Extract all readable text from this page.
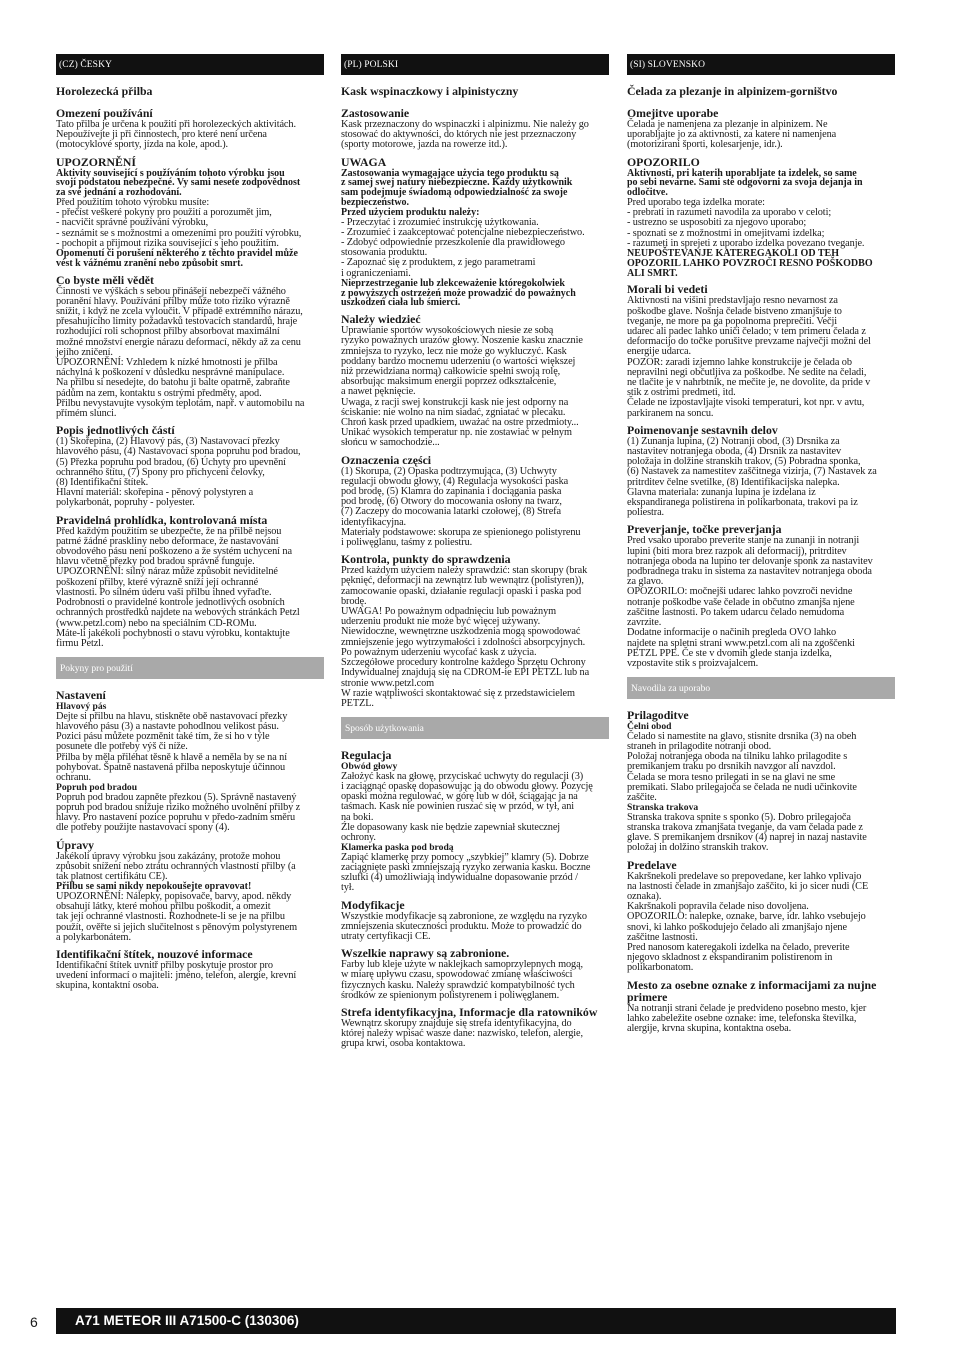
(CZ) ČESKY
Horolezecká přilba
Omezení používání
Tato přilba je určena k použití při horolezeckých aktivitách.
Nepoužívejte ji při činnostech, pro které není určena
(motocyklové sporty, jízda na kole, apod.).
UPOZORNĚNÍ
Aktivity související s používáním tohoto výrobku jsou
svojí podstatou nebezpečné. Vy sami nesete zodpovědnost
za své jednání a rozhodování.
Před použitím tohoto výrobku musíte:
- přečíst veškeré pokyny pro použití a porozumět jim,
- nacvičit správné používání výrobku,
- seznámit se s možnostmi a omezeními pro použití výrobku,
- pochopit a přijmout rizika související s jeho použitím.
Opomenutí či porušení některého z těchto pravidel může
vést k vážnému zranění nebo způsobit smrt.
Co byste měli vědět
Činnosti ve výškách s sebou přinášejí nebezpečí vážného
poranění hlavy. Používání přilby může toto riziko výrazně
snížit, i když ne zcela vyloučit. V případě extrémního nárazu,
přesahujícího limity požadavků testovacích standardů, hraje
rozhodující roli schopnost přilby absorbovat maximální
možné množství energie nárazu deformací, někdy až za cenu
jejího zničení.
UPOZORNĚNÍ: Vzhledem k nízké hmotnosti je přilba
náchylná k poškození v důsledku nesprávné manipulace.
Na přilbu si nesedejte, do batohu ji balte opatrně, zabraňte
pádům na zem, kontaktu s ostrými předměty, apod.
Přilbu nevystavujte vysokým teplotám, např. v automobilu na
přímém slunci.
Popis jednotlivých částí
(1) Skořepina, (2) Hlavový pás, (3) Nastavovací přezky
hlavového pásu, (4) Nastavovací spona popruhu pod bradou,
(5) Přezka popruhu pod bradou, (6) Úchyty pro upevnění
ochranného štítu, (7) Spony pro přichycení čelovky,
(8) Identifikační štítek.
Hlavní materiál: skořepina - pěnový polystyren a
polykarbonát, popruhy - polyester.
Pravidelná prohlídka, kontrolovaná místa
Před každým použitím se ubezpečte, že na přilbě nejsou
patrné žádné praskliny nebo deformace, že nastavování
obvodového pásu není poškozeno a že systém uchycení na
hlavu včetně přezky pod bradou správně funguje.
UPOZORNĚNÍ: silný náraz může způsobit neviditelné
poškození přilby, které výrazně sníží její ochranné
vlastnosti. Po silném úderu vaši přilbu ihned vyřaďte.
Podrobnosti o pravidelné kontrole jednotlivých osobních
ochranných prostředků najdete na webových stránkách Petzl
(www.petzl.com) nebo na speciálním CD-ROMu.
Máte-li jakékoli pochybnosti o stavu výrobku, kontaktujte
firmu Petzl.
Pokyny pro použití
Nastavení
Hlavový pás
Dejte si přilbu na hlavu, stiskněte obě nastavovací přezky
hlavového pásu (3) a nastavte pohodlnou velikost pásu.
Pozici pásu můžete pozměnit také tím, že si ho v týle
posunete dle potřeby výš či níže.
Přilba by měla přiléhat těsně k hlavě a neměla by se na ní
pohybovat. Špatně nastavená přilba neposkytuje účinnou
ochranu.
Popruh pod bradou
Popruh pod bradou zapněte přezkou (5). Správně nastavený
popruh pod bradou snižuje riziko možného uvolnění přilby z
hlavy. Pro nastavení pozice popruhu v předo-zadním směru
dle potřeby použijte nastavovací spony (4).
Úpravy
Jakékoli úpravy výrobku jsou zakázány, protože mohou
způsobit snížení nebo ztrátu ochranných vlastností přilby (a
tak platnost certifikátu CE).
Přilbu se sami nikdy nepokoušejte opravovat!
UPOZORNĚNÍ: Nálepky, popisovače, barvy, apod. někdy
obsahují látky, které mohou přilbu poškodit, a omezit
tak její ochranné vlastnosti. Rozhodnete-li se je na přilbu
použít, ověřte si jejich slučitelnost s pěnovým polystyrenem
a polykarbonátem.
Identifikační štítek, nouzové informace
Identifikační štítek uvnitř přilby poskytuje prostor pro
uvedení informací o majiteli: jméno, telefon, alergie, krevní
skupina, kontaktní osoba.
(PL) POLSKI
Kask wspinaczkowy i alpinistyczny
Zastosowanie
Kask przeznaczony do wspinaczki i alpinizmu. Nie należy go
stosować do aktywności, do których nie jest przeznaczony
(sporty motorowe, jazda na rowerze itd.).
UWAGA
Zastosowania wymagające użycia tego produktu są
z samej swej natury niebezpieczne. Każdy użytkownik
sam podejmuje świadomą odpowiedzialność za swoje
bezpieczeństwo.
Przed użyciem produktu należy:
- Przeczytać i zrozumieć instrukcję użytkowania.
- Zrozumieć i zaakceptować potencjalne niebezpieczeństwo.
- Zdobyć odpowiednie przeszkolenie dla prawidłowego
stosowania produktu.
- Zapoznać się z produktem, z jego parametrami
i ograniczeniami.
Nieprzestrzeganie lub zlekceważenie któregokolwiek
z powyższych ostrzeżeń może prowadzić do poważnych
uszkodzeń ciała lub śmierci.
Należy wiedzieć
Uprawianie sportów wysokościowych niesie ze sobą
ryzyko poważnych urazów głowy. Noszenie kasku znacznie
zmniejsza to ryzyko, lecz nie może go wykluczyć. Kask
poddany bardzo mocnemu uderzeniu (o wartości większej
niż przewidziana normą) całkowicie spełni swoją rolę,
absorbując maksimum energii poprzez odkształcenie,
a nawet pęknięcie.
Uwaga, z racji swej konstrukcji kask nie jest odporny na
ściskanie: nie wolno na nim siadać, zgniatać w plecaku.
Chroń kask przed upadkiem, uważać na ostre przedmioty...
Unikać wysokich temperatur np. nie zostawiać w pełnym
słońcu w samochodzie...
Oznaczenia części
(1) Skorupa, (2) Opaska podtrzymująca, (3) Uchwyty
regulacji obwodu głowy, (4) Regulacja wysokości paska
pod brodę, (5) Klamra do zapinania i dociągania paska
pod brodę, (6) Otwory do mocowania osłony na twarz,
(7) Zaczepy do mocowania latarki czołowej, (8) Strefa
identyfikacyjna.
Materiały podstawowe: skorupa ze spienionego polistyrenu
i poliwęglanu, taśmy z poliestru.
Kontrola, punkty do sprawdzenia
Przed każdym użyciem należy sprawdzić: stan skorupy (brak
pęknięć, deformacji na zewnątrz lub wewnątrz (polistyren)),
zamocowanie opaski, działanie regulacji opaski i paska pod
brodę.
UWAGA! Po poważnym odpadnięciu lub poważnym
uderzeniu produkt nie może być więcej używany.
Niewidoczne, wewnętrzne uszkodzenia mogą spowodować
zmniejszenie jego wytrzymałości i zdolności absorpcyjnych.
Po poważnym uderzeniu wycofać kask z użycia.
Szczegółowe procedury kontrolne każdego Sprzętu Ochrony
Indywidualnej znajdują się na CDROM-ie EPI PETZL lub na
stronie www.petzl.com
W razie wątpliwości skontaktować się z przedstawicielem
PETZL.
Sposób użytkowania
Regulacja
Obwód głowy
Założyć kask na głowę, przyciskać uchwyty do regulacji (3)
i zaciągnąć opaskę dopasowując ją do obwodu głowy. Pozycję
opaski można regulować, w górę lub w dół, ściągając ja na
taśmach. Kask nie powinien ruszać się w przód, w tył, ani
na boki.
Źle dopasowany kask nie będzie zapewniał skutecznej
ochrony.
Klamerka paska pod brodą
Zapiąć klamerkę przy pomocy „szybkiej” klamry (5). Dobrze
zaciągnięte paski zmniejszają ryzyko zerwania kasku. Boczne
szlufki (4) umożliwiają indywidualne dopasowanie przód /
tył.
Modyfikacje
Wszystkie modyfikacje są zabronione, ze względu na ryzyko
zmniejszenia skuteczności produktu. Może to prowadzić do
utraty certyfikacji CE.
Wszelkie naprawy są zabronione.
Farby lub kleje użyte w naklejkach samoprzylepnych mogą,
w miarę upływu czasu, spowodować zmianę właściwości
fizycznych kasku. Należy sprawdzić kompatybilność tych
środków ze spienionym polistyrenem i poliwęglanem.
Strefa identyfikacyjna, Informacje dla ratowników
Wewnątrz skorupy znajduje się strefa identyfikacyjna, do
której należy wpisać wasze dane: nazwisko, telefon, alergie,
grupa krwi, osoba kontaktowa.
(SI) SLOVENSKO
Čelada za plezanje in alpinizem-gorništvo
Omejitve uporabe
Čelada je namenjena za plezanje in alpinizem. Ne
uporabljajte jo za aktivnosti, za katere ni namenjena
(motorizirani športi, kolesarjenje, idr.).
OPOZORILO
Aktivnosti, pri katerih uporabljate ta izdelek, so same
po sebi nevarne. Sami ste odgovorni za svoja dejanja in
odločitve.
Pred uporabo tega izdelka morate:
- prebrati in razumeti navodila za uporabo v celoti;
- ustrezno se usposobiti za njegovo uporabo;
- spoznati se z možnostmi in omejitvami izdelka;
- razumeti in sprejeti z uporabo izdelka povezano tveganje.
NEUPOŠTEVANJE KATEREGAKOLI OD TEH
OPOZORIL LAHKO POVZROČI RESNO POŠKODBO
ALI SMRT.
Morali bi vedeti
Aktivnosti na višini predstavljajo resno nevarnost za
poškodbe glave. Nošnja čelade bistveno zmanjšuje to
tveganje, ne more pa ga popolnoma preprečiti. Večji
udarec ali padec lahko uniči čelado; v tem primeru čelada z
deformacijo do točke porušitve prevzame največji možni del
energije udarca.
POZOR: zaradi izjemno lahke konstrukcije je čelada ob
nepravilni negi občutljiva za poškodbe. Ne sedite na čeladi,
ne tlačite je v nahrbtnik, ne mečite je, ne dovolite, da pride v
stik z ostrimi predmeti, itd.
Čelade ne izpostavljajte visoki temperaturi, kot npr. v avtu,
parkiranem na soncu.
Poimenovanje sestavnih delov
(1) Zunanja lupina, (2) Notranji obod, (3) Drsnika za
nastavitev notranjega oboda, (4) Drsnik za nastavitev
položaja in dolžine stranskih trakov, (5) Pobradna sponka,
(6) Nastavek za namestitev zaščitnega vizirja, (7) Nastavek za
pritrditev čelne svetilke, (8) Identifikacijska nalepka.
Glavna materiala: zunanja lupina je izdelana iz
ekspandiranega polistirena in polikarbonata, trakovi pa iz
poliestra.
Preverjanje, točke preverjanja
Pred vsako uporabo preverite stanje na zunanji in notranji
lupini (biti mora brez razpok ali deformacij), pritrditev
notranjega oboda na lupino ter delovanje sponk za nastavitev
podbradnega traku in sistema za nastavitev notranjega oboda
za glavo.
OPOZORILO: močnejši udarec lahko povzroči nevidne
notranje poškodbe vaše čelade in občutno zmanjša njene
zaščitne lastnosti. Po takem udarcu čelado nemudoma
zavrzite.
Dodatne informacije o načinih pregleda OVO lahko
najdete na spletni strani www.petzl.com ali na zgoščenki
PETZL PPE. Če ste v dvomih glede stanja izdelka,
vzpostavite stik s proizvajalcem.
Navodila za uporabo
Prilagoditve
Čelni obod
Čelado si namestite na glavo, stisnite drsnika (3) na obeh
straneh in prilagodite notranji obod.
Položaj notranjega oboda na tilniku lahko prilagodite s
premikanjem traku po drsnikih navzgor ali navzdol.
Čelada se mora tesno prilegati in se na glavi ne sme
premikati. Slabo prilegajoča se čelada ne nudi učinkovite
zaščite.
Stranska trakova
Stranska trakova spnite s sponko (5). Dobro prilegajoča
stranska trakova zmanjšata tveganje, da vam čelada pade z
glave. S premikanjem drsnikov (4) naprej in nazaj nastavite
položaj in dolžino stranskih trakov.
Predelave
Kakršnekoli predelave so prepovedane, ker lahko vplivajo
na lastnosti čelade in zmanjšajo zaščito, ki jo sicer nudi (CE
oznaka).
Kakršnakoli popravila čelade niso dovoljena.
OPOZORILO: nalepke, oznake, barve, idr. lahko vsebujejo
snovi, ki lahko poškodujejo čelado ali zmanjšajo njene
zaščitne lastnosti.
Pred nanosom kateregakoli izdelka na čelado, preverite
njegovo skladnost z ekspandiranim polistirenom in
polikarbonatom.
Mesto za osebne oznake z informacijami za nujne
primere
Na notranji strani čelade je predvideno posebno mesto, kjer
lahko zabeležite osebne oznake: ime, telefonska številka,
alergije, krvna skupina, kontaktna oseba.
6	A71 METEOR III A71500-C (130306)
